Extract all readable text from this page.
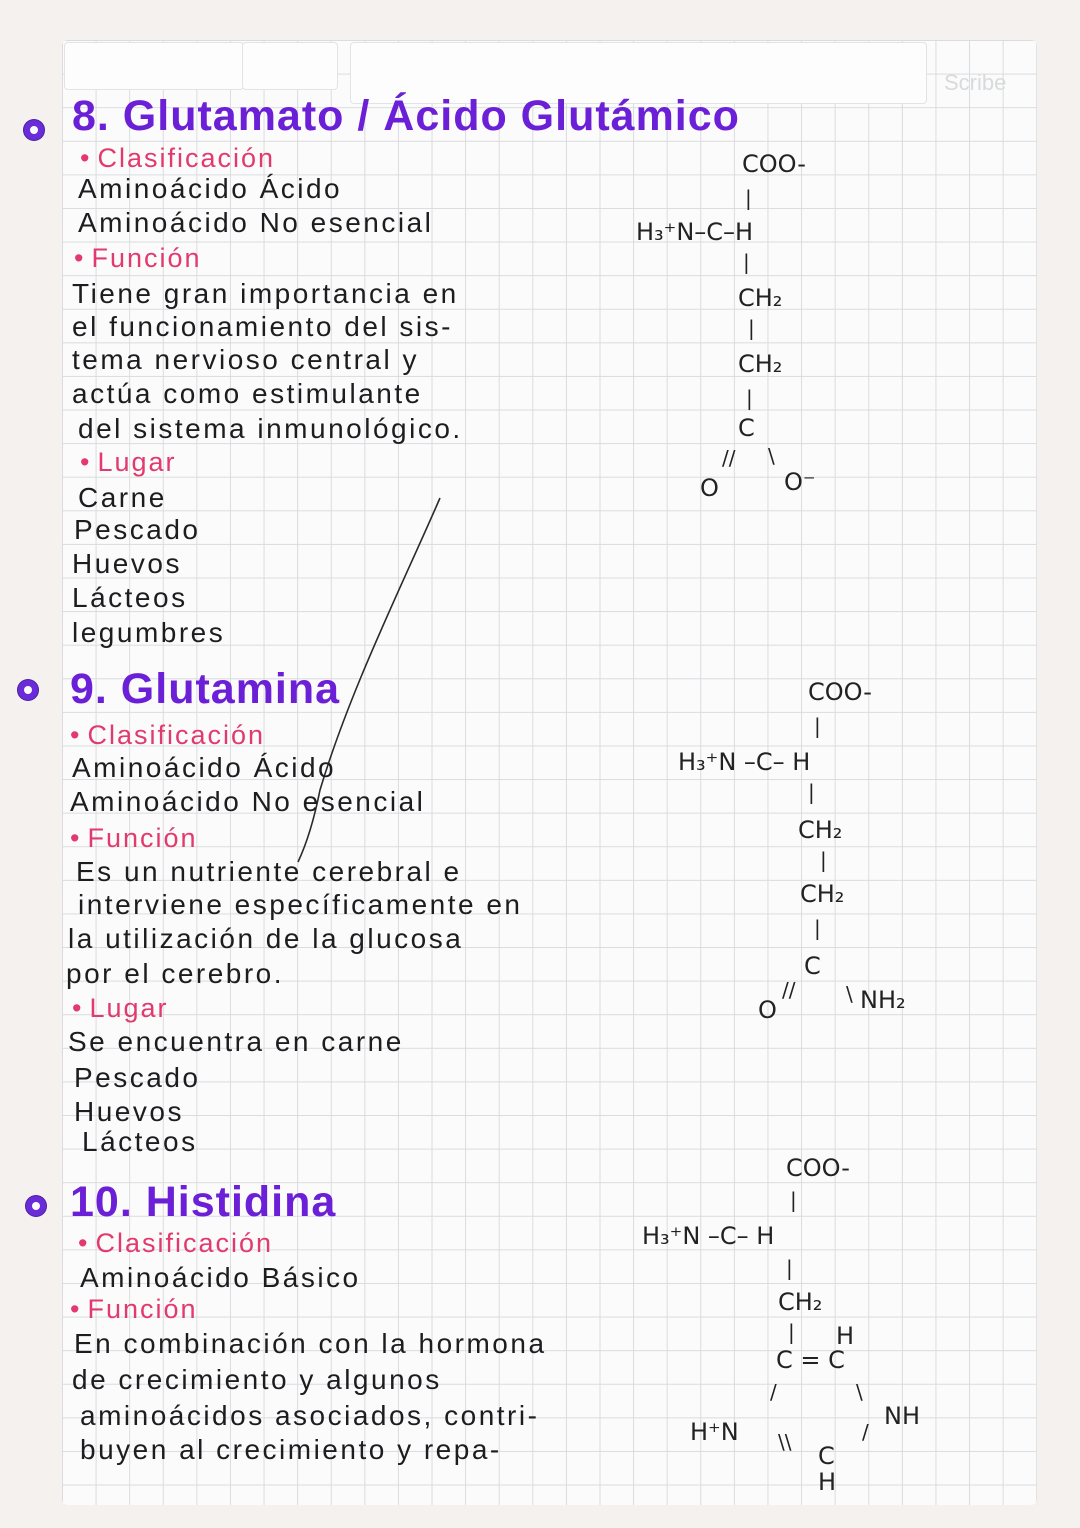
Scribe
8. Glutamato / Ácido Glutámico
• Clasificación
Aminoácido Ácido
Aminoácido No esencial
• Función
Tiene gran importancia en
el funcionamiento del sis-
tema nervioso central y
actúa como estimulante
del sistema inmunológico.
• Lugar
Carne
Pescado
Huevos
Lácteos
legumbres
COO-
|
H₃⁺N–C–H
|
CH₂
|
CH₂
|
C
// \
O	O⁻
9. Glutamina
• Clasificación
Aminoácido Ácido
Aminoácido No esencial
• Función
Es un nutriente cerebral e
interviene específicamente en
la utilización de la glucosa
por el cerebro.
• Lugar
Se encuentra en carne
Pescado
Huevos
Lácteos
COO-
|
H₃⁺N –C– H
|
CH₂
|
CH₂
|
C
//	\
O	NH₂
10. Histidina
• Clasificación
Aminoácido Básico
• Función
En combinación con la hormona
de crecimiento y algunos
aminoácidos asociados, contri-
buyen al crecimiento y repa-
COO-
|
H₃⁺N –C– H
|
CH₂
| H
C = C
/	\
H⁺N \\
NH
/
C
H
